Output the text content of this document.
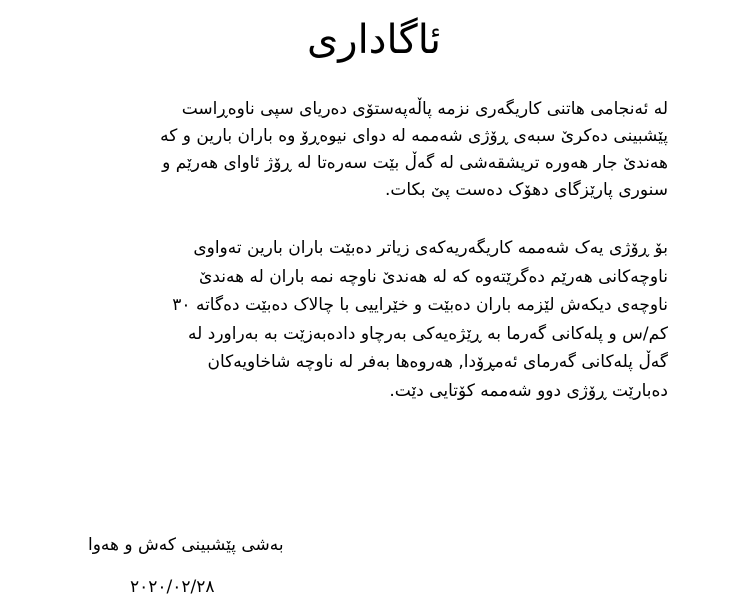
ئاگاداری
لە ئەنجامی هاتنی کاریگەری نزمە پاڵەپەستۆی دەریای سپی ناوەڕاست
پێشبینی دەکرێ سبەی ڕۆژی شەممە لە دوای نیوەڕۆ وە باران بارین و کە
هەندێ جار هەورە تریشقەشی لە گەڵ بێت سەرەتا لە ڕۆژ ئاوای هەرێم و
سنوری پارێزگای دهۆک دەست پێ بکات.
بۆ ڕۆژی یەک شەممە کاریگەریەکەی زیاتر دەبێت باران بارین تەواوی
ناوچەکانی هەرێم دەگرێتەوە کە لە هەندێ ناوچە نمە باران لە هەندێ
ناوچەی دیکەش لێزمە باران دەبێت و خێراییی با چالاک دەبێت دەگاتە ٣٠
کم/س و پلەکانی گەرما بە ڕێژەیەکی بەرچاو دادەبەزێت بە بەراورد لە
گەڵ پلەکانی گەرمای ئەمڕۆدا, هەروەها بەفر لە ناوچە شاخاویەکان
دەبارێت ڕۆژی دوو شەممە کۆتایی دێت.
بەشی پێشبینی کەش و هەوا
٢٠٢٠/٠٢/٢٨
